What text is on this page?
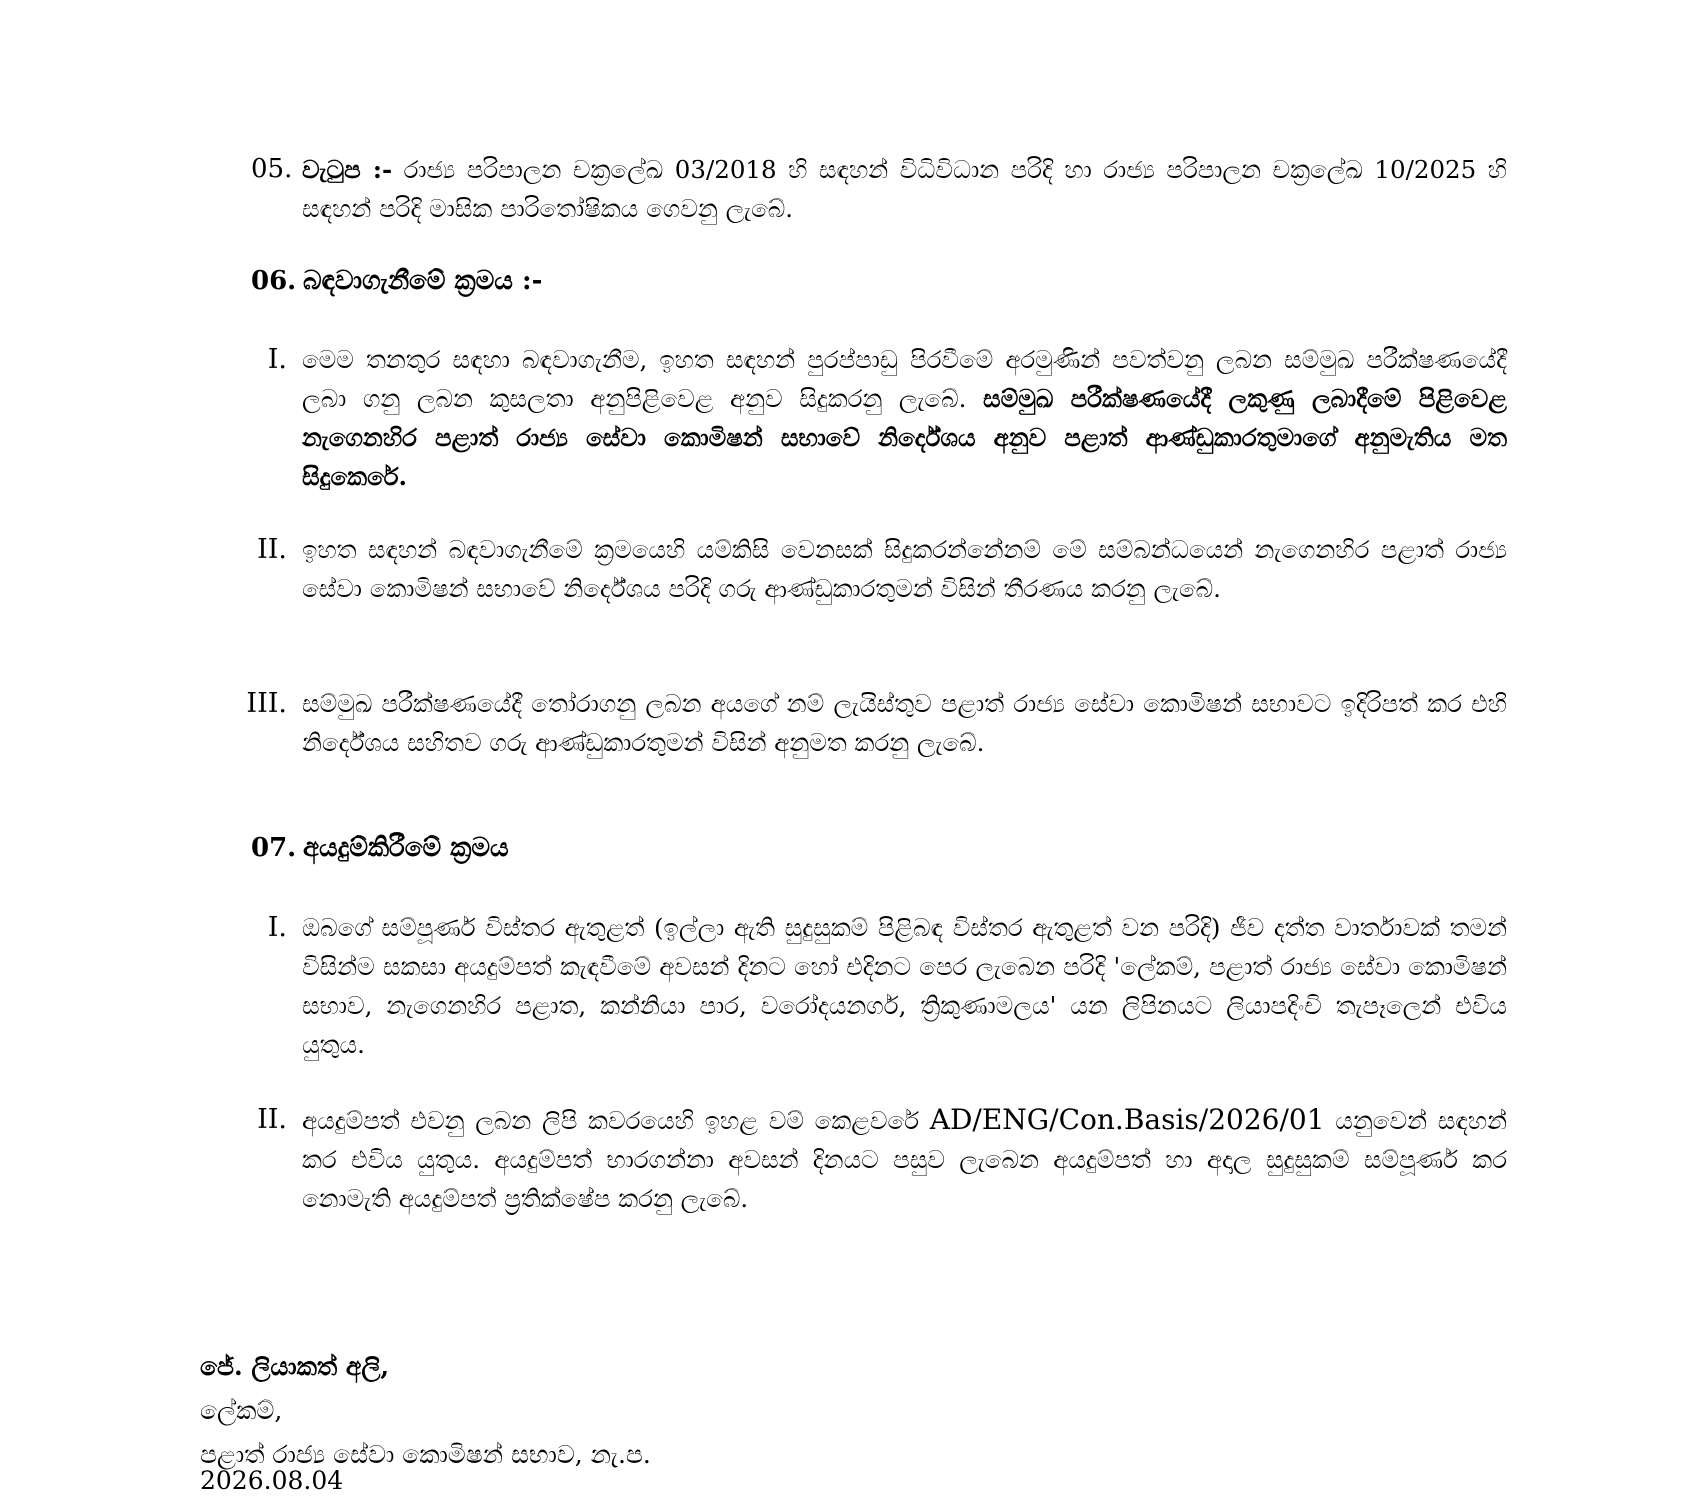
05. වැටුප :- රාජ්‍ය පරිපාලන චක්‍රලේඛ 03/2018 හි සඳහන් විධිවිධාන පරිදි හා රාජ්‍ය පරිපාලන චක්‍රලේඛ 10/2025 හි සඳහන් පරිදි මාසික පාරිතෝෂිකය ගෙවනු ලැබේ.
06. බඳවාගැනීමේ ක්‍රමය :-
I. මෙම තනතුර සඳහා බඳවාගැනීම, ඉහත සඳහන් පුරප්පාඩු පිරවීමේ අරමුණින් පවත්වනු ලබන සම්මුඛ පරීක්ෂණයේදී ලබා ගනු ලබන කුසලතා අනුපිළිවෙළ අනුව සිදුකරනු ලැබේ. සම්මුඛ පරීක්ෂණයේදී ලකුණු ලබාදීමේ පිළිවෙළ නැගෙනහිර පළාත් රාජ්‍ය සේවා කොමිෂන් සභාවේ නිර්දේශය අනුව පළාත් ආණ්ඩුකාරතුමාගේ අනුමැතිය මත සිදුකෙරේ.
II. ඉහත සඳහන් බඳවාගැනීමේ ක්‍රමයෙහි යම්කිසි වෙනසක් සිදුකරන්නේනම් මේ සම්බන්ධයෙන් නැගෙනහිර පළාත් රාජ්‍ය සේවා කොමිෂන් සභාවේ නිර්දේශය පරිදි ගරු ආණ්ඩුකාරතුමන් විසින් තීරණය කරනු ලැබේ.
III. සම්මුඛ පරීක්ෂණයේදී තෝරාගනු ලබන අයගේ නම් ලැයිස්තුව පළාත් රාජ්‍ය සේවා කොමිෂන් සභාවට ඉදිරිපත් කර එහි නිර්දේශය සහිතව ගරු ආණ්ඩුකාරතුමන් විසින් අනුමත කරනු ලැබේ.
07. අයදුම්කිරීමේ ක්‍රමය
I. ඔබගේ සම්පූර්ණ විස්තර ඇතුළත් (ඉල්ලා ඇති සුදුසුකම් පිළිබඳ විස්තර ඇතුළත් වන පරිදි) ජීව දත්ත වාර්තාවක් තමන් විසින්ම සකසා අයදුම්පත් කැඳවීමේ අවසන් දිනට හෝ එදිනට පෙර ලැබෙන පරිදි 'ලේකම්, පළාත් රාජ්‍ය සේවා කොමිෂන් සභාව, නැගෙනහිර පළාත, කන්නියා පාර, වරෝදයනගර්, ත්‍රිකුණාමලය' යන ලිපිනයට ලියාපදිංචි තැපෑලෙන් එවිය යුතුය.
II. අයදුම්පත් එවනු ලබන ලිපි කවරයෙහි ඉහළ වම් කෙළවරේ AD/ENG/Con.Basis/2026/01 යනුවෙන් සඳහන් කර එවිය යුතුය. අයදුම්පත් භාරගන්නා අවසන් දිනයට පසුව ලැබෙන අයදුම්පත් හා අදාල සුදුසුකම් සම්පූර්ණ කර නොමැති අයදුම්පත් ප්‍රතික්ෂේප කරනු ලැබේ.
ජේ. ලියාකත් අලි,
ලේකම්,
පළාත් රාජ්‍ය සේවා කොමිෂන් සභාව, නැ.ප.
2026.08.04
